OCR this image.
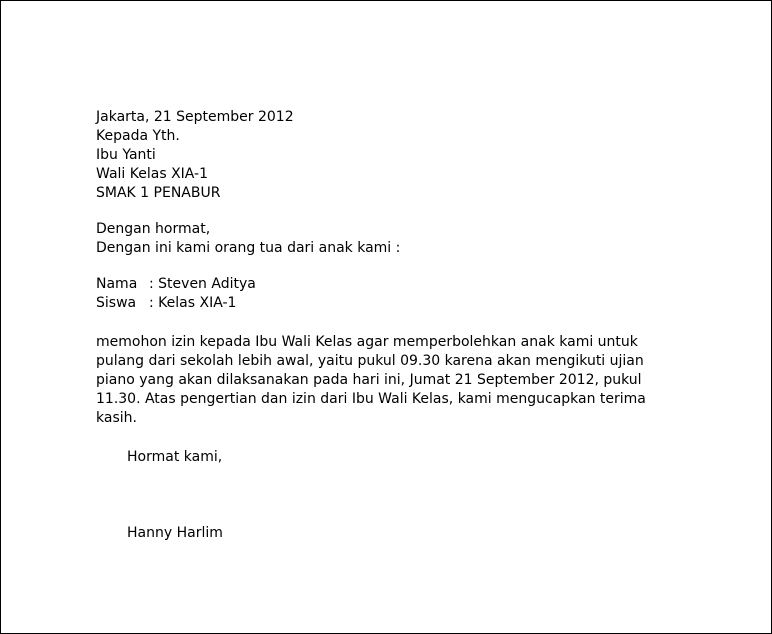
Jakarta, 21 September 2012
Kepada Yth.
Ibu Yanti
Wali Kelas XIA-1
SMAK 1 PENABUR
Dengan hormat,
Dengan ini kami orang tua dari anak kami :
Nama : Steven Aditya
Siswa : Kelas XIA-1
memohon izin kepada Ibu Wali Kelas agar memperbolehkan anak kami untuk
pulang dari sekolah lebih awal, yaitu pukul 09.30 karena akan mengikuti ujian
piano yang akan dilaksanakan pada hari ini, Jumat 21 September 2012, pukul
11.30. Atas pengertian dan izin dari Ibu Wali Kelas, kami mengucapkan terima
kasih.
Hormat kami,
Hanny Harlim
